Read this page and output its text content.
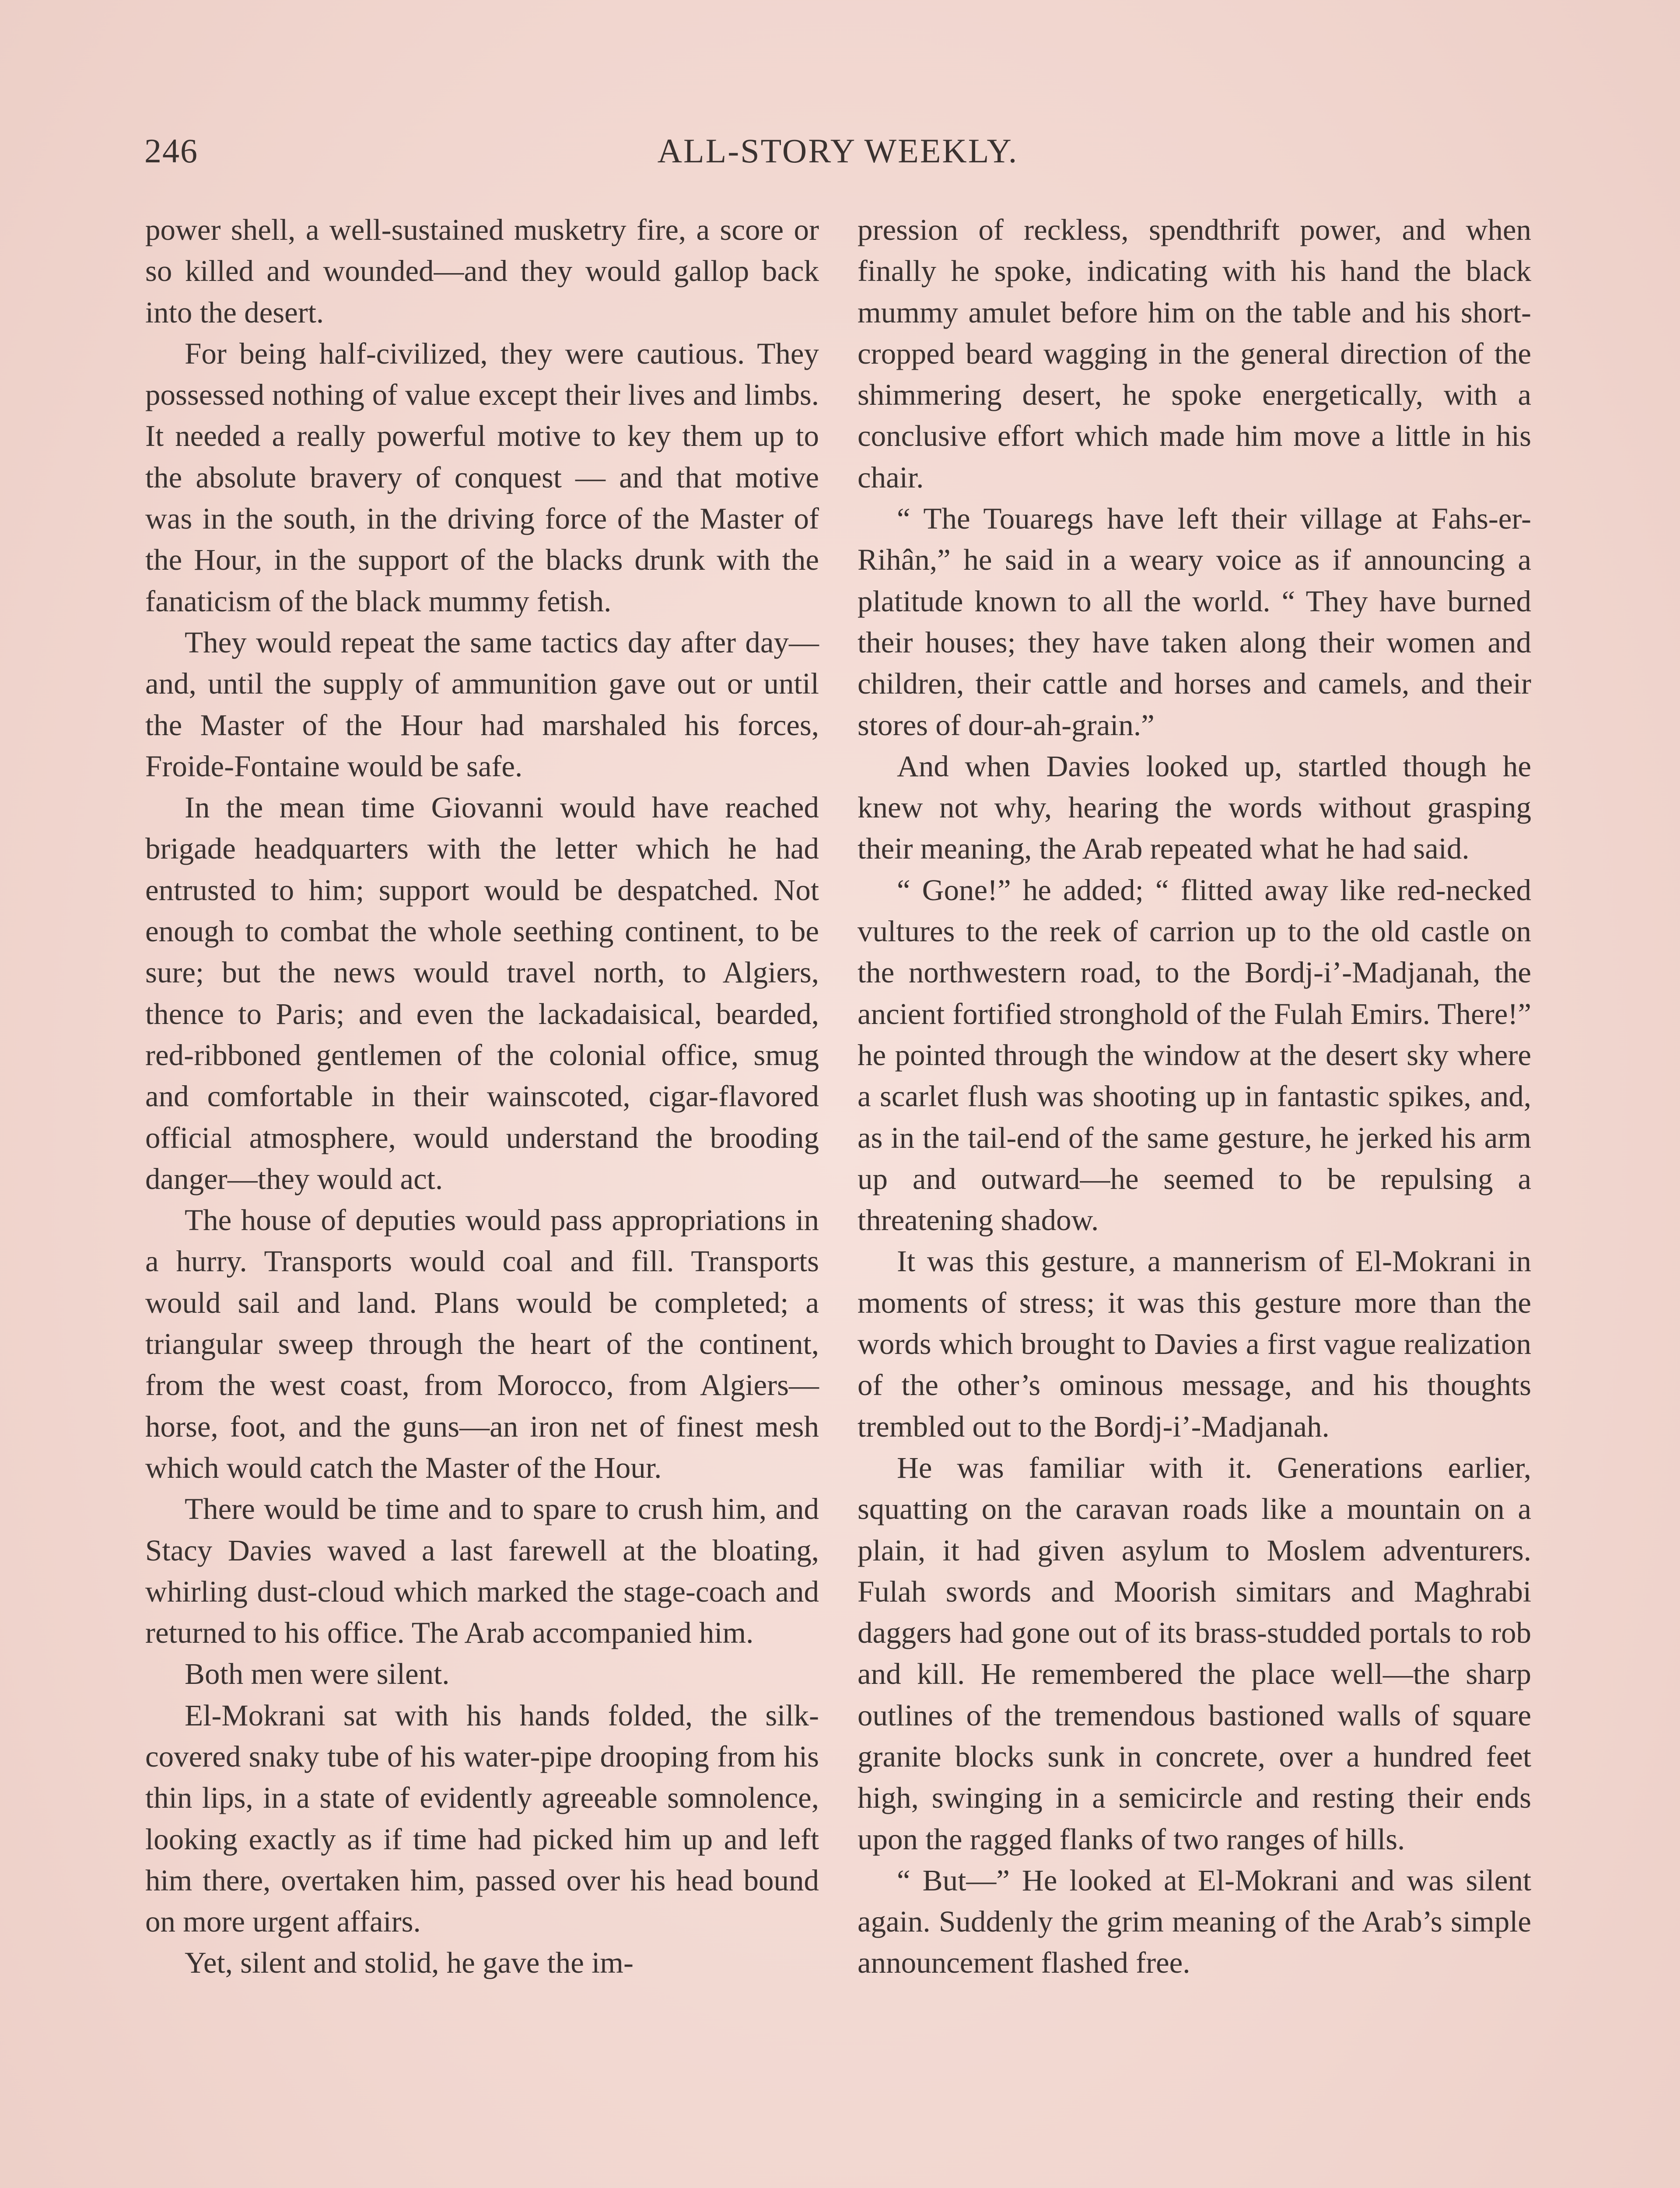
246	ALL-STORY WEEKLY.

power shell, a well-sustained musketry fire, a score or so killed and wounded—and they would gallop back into the desert.

For being half-civilized, they were cautious. They possessed nothing of value except their lives and limbs. It needed a really powerful motive to key them up to the absolute bravery of conquest — and that motive was in the south, in the driving force of the Master of the Hour, in the support of the blacks drunk with the fanaticism of the black mummy fetish.

They would repeat the same tactics day after day—and, until the supply of ammunition gave out or until the Master of the Hour had marshaled his forces, Froide-Fontaine would be safe.

In the mean time Giovanni would have reached brigade headquarters with the letter which he had entrusted to him; support would be despatched. Not enough to combat the whole seething continent, to be sure; but the news would travel north, to Algiers, thence to Paris; and even the lackadaisical, bearded, red-ribboned gentlemen of the colonial office, smug and comfortable in their wainscoted, cigar-flavored official atmosphere, would understand the brooding danger—they would act.

The house of deputies would pass appropriations in a hurry. Transports would coal and fill. Transports would sail and land. Plans would be completed; a triangular sweep through the heart of the continent, from the west coast, from Morocco, from Algiers—horse, foot, and the guns—an iron net of finest mesh which would catch the Master of the Hour.

There would be time and to spare to crush him, and Stacy Davies waved a last farewell at the bloating, whirling dust-cloud which marked the stage-coach and returned to his office. The Arab accompanied him.

Both men were silent.

El-Mokrani sat with his hands folded, the silk-covered snaky tube of his water-pipe drooping from his thin lips, in a state of evidently agreeable somnolence, looking exactly as if time had picked him up and left him there, overtaken him, passed over his head bound on more urgent affairs.

Yet, silent and stolid, he gave the im-

pression of reckless, spendthrift power, and when finally he spoke, indicating with his hand the black mummy amulet before him on the table and his short-cropped beard wagging in the general direction of the shimmering desert, he spoke energetically, with a conclusive effort which made him move a little in his chair.

“ The Touaregs have left their village at Fahs-er-Rihân,” he said in a weary voice as if announcing a platitude known to all the world. “ They have burned their houses; they have taken along their women and children, their cattle and horses and camels, and their stores of dour-ah-grain.”

And when Davies looked up, startled though he knew not why, hearing the words without grasping their meaning, the Arab repeated what he had said.

“ Gone!” he added; “ flitted away like red-necked vultures to the reek of carrion up to the old castle on the northwestern road, to the Bordj-i’-Madjanah, the ancient fortified stronghold of the Fulah Emirs. There!” he pointed through the window at the desert sky where a scarlet flush was shooting up in fantastic spikes, and, as in the tail-end of the same gesture, he jerked his arm up and outward—he seemed to be repulsing a threatening shadow.

It was this gesture, a mannerism of El-Mokrani in moments of stress; it was this gesture more than the words which brought to Davies a first vague realization of the other’s ominous message, and his thoughts trembled out to the Bordj-i’-Madjanah.

He was familiar with it. Generations earlier, squatting on the caravan roads like a mountain on a plain, it had given asylum to Moslem adventurers. Fulah swords and Moorish simitars and Maghrabi daggers had gone out of its brass-studded portals to rob and kill. He remembered the place well—the sharp outlines of the tremendous bastioned walls of square granite blocks sunk in concrete, over a hundred feet high, swinging in a semicircle and resting their ends upon the ragged flanks of two ranges of hills.

“ But—” He looked at El-Mokrani and was silent again. Suddenly the grim meaning of the Arab’s simple announcement flashed free.
